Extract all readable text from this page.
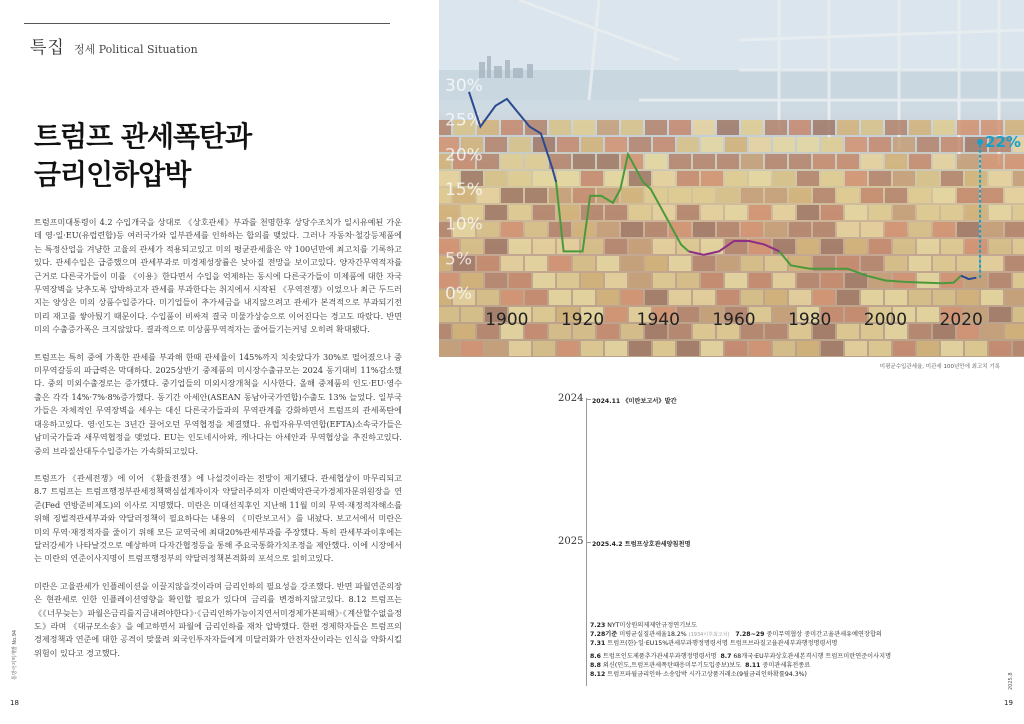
특집 정세 Political Situation
트럼프 관세폭탄과
금리인하압박

트럼프미대통령이 4.2 수입개국을 상대로 《상호관세》부과를 천명한후 상당수조치가 일시유예된 가운데 영·일·EU(유럽련합)등 여러국가와 일부관세를 인하하는 합의를 맺었다. 그러나 자동차·철강등제품에는 특정산업을 겨냥한 고율의 관세가 적용되고있고 미의 평균관세율은 약 100년만에 최고치를 기록하고있다. 관세수입은 급증했으며 관세부과로 미경제성장률은 낮아질 전망을 보이고있다. 양자간무역적자를 근거로 다른국가들이 미를 《이용》한다면서 수입을 억제하는 동시에 다른국가들이 미제품에 대한 자국무역장벽을 낮추도록 압박하고자 관세를 부과한다는 취지에서 시작된 《무역전쟁》이었으나 최근 두드러지는 양상은 미의 상품수입증가다. 미기업들이 추가세금을 내지않으려고 관세가 본격적으로 부과되기전 미리 재고를 쌓아뒀기 때문이다. 수입품이 비싸져 결국 미물가상승으로 이어진다는 경고도 따랐다. 반면 미의 수출증가폭은 크지않았다. 결과적으로 미상품무역적자는 줄어들기는커녕 오히려 확대됐다.

트럼프는 특히 중에 가혹한 관세를 부과해 한때 관세율이 145%까지 치솟았다가 30%로 떨어졌으나 중미무역갈등의 파급력은 막대하다. 2025상반기 중제품의 미시장수출규모는 2024 동기대비 11%감소했다. 중의 미외수출경로는 증가했다. 중기업들의 미외시장개척을 시사한다. 올해 중제품의 인도·EU·영수출은 각각 14%·7%·8%증가했다. 동기간 아세안(ASEAN 동남아국가연합)수출도 13% 늘었다. 일부국가들은 자체적인 무역장벽을 세우는 대신 다른국가들과의 무역관계를 강화하면서 트럼프의 관세폭탄에 대응하고있다. 영·인도는 3년간 끌어오던 무역협정을 체결했다. 유럽자유무역연합(EFTA)소속국가들은 남미국가들과 새무역협정을 맺었다. EU는 인도네시아와, 캐나다는 아세안과 무역협상을 추진하고있다. 중의 브라질산대두수입증가는 가속화되고있다.

트럼프가 《관세전쟁》에 이어 《환율전쟁》에 나설것이라는 전망이 제기됐다. 관세협상이 마무리되고 8.7 트럼프는 트럼프행정부관세정책핵심설계자이자 약달러주의자 미란백악관국가경제자문위원장을 연준(Fed 연방준비제도)의 이사로 지명했다. 미란은 미대선직후인 지난해 11월 미의 무역·재정적자해소를 위해 징벌적관세부과와 약달러정책이 필요하다는 내용의 《미란보고서》를 내놨다. 보고서에서 미란은 미의 무역·재정적자를 줄이기 위해 모든 교역국에 최대20%관세부과를 주장했다. 특히 관세부과이후에는 달러강세가 나타날것으로 예상하며 다자간협정등을 통해 주요국통화가치조정을 제안했다. 이에 시장에서는 미란의 연준이사지명이 트럼프행정부의 약달러정책본격화의 포석으로 읽히고있다.

미란은 고율관세가 인플레이션을 이끌지않을것이라며 금리인하의 필요성을 강조했다. 반면 파월연준의장은 현관세로 인한 인플레이션영향을 확인할 필요가 있다며 금리를 변경하지않고있다. 8.12 트럼프는 《《너무늦는》파월은금리를지금내려야한다》·《금리인하가능이지연서미경제가본피해》·《계산할수없을정도》라며 《대규모소송》을 예고하면서 파월에 금리인하를 재차 압박했다. 한편 경제학자들은 트럼프의 경제정책과 연준에 대한 공격이 맞물려 외국인투자자들에게 미달러화가 안전자산이라는 인식을 약화시킬 위험이 있다고 경고했다.

통방극지역개발 No.94
18
0%
5%
10%
15%
20%
25%
30%
1900 1920 1940 1960 1980 2000 2020
22%
미평균수입관세율, 미관세 100년만에 최고치 기록
2024 2024.11 《미란보고서》발간
2025 2025.4.2 트럼프상호관세양침천명
7.23 NYT미상원의제제안규정연기보도
7.28기준 미평균실질관세율18.2% (1934이후최고치) 7.28~29 중미무역협상 중미간고율관세유예연장합의
7.31 트럼프(한)·일·EU15%관세부과행정명령서명 트럼프브라질고율관세부과행정명령서명
8.6 트럼프인도제품추가관세부과행정명령서명 8.7 68개국·EU부과상호관세본격시행 트럼프미란연준이사지명
8.8 외신(인도,트럼프관세폭탄때응미무기도입중보)보도 8.11 중미관세휴전종료
8.12 트럼프파월금리인하·소송압박 시카고상품거래소(9월금리인하확률94.3%)	2025.8
19
